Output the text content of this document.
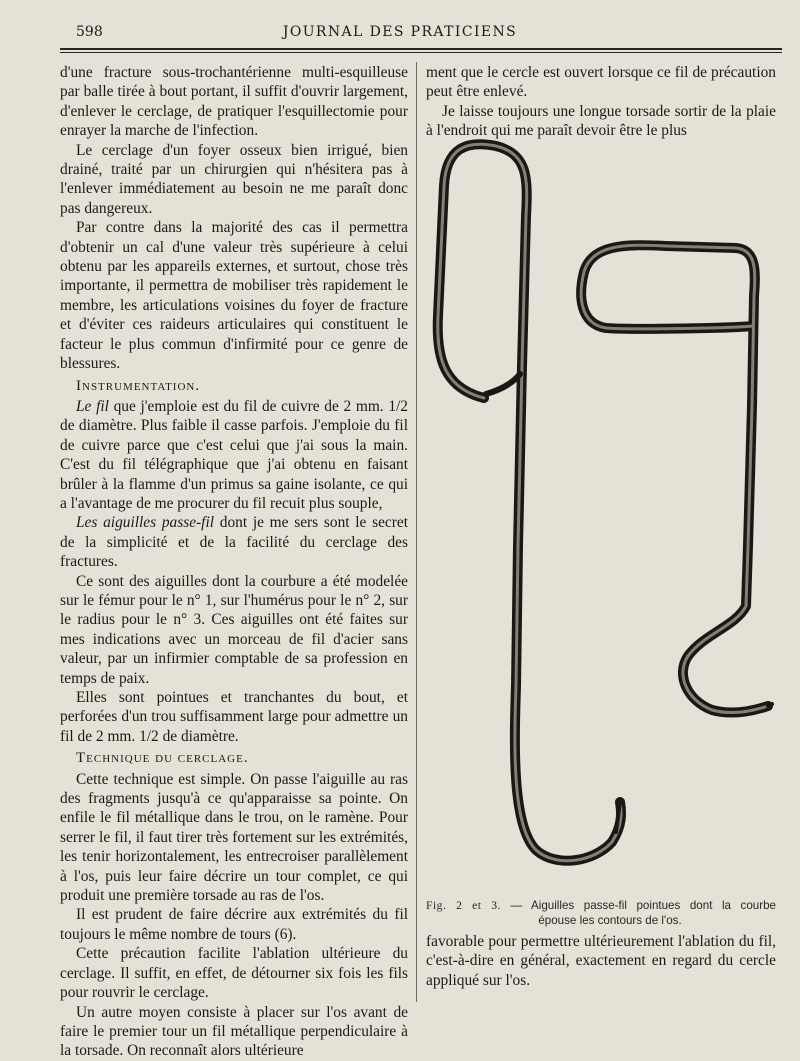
598	JOURNAL DES PRATICIENS

d'une fracture sous-trochantérienne multi-esquilleuse par balle tirée à bout portant, il suffit d'ouvrir largement, d'enlever le cerclage, de pratiquer l'esquillectomie pour enrayer la marche de l'infection.

Le cerclage d'un foyer osseux bien irrigué, bien drainé, traité par un chirurgien qui n'hésitera pas à l'enlever immédiatement au besoin ne me paraît donc pas dangereux.

Par contre dans la majorité des cas il permettra d'obtenir un cal d'une valeur très supérieure à celui obtenu par les appareils externes, et surtout, chose très importante, il permettra de mobiliser très rapidement le membre, les articulations voisines du foyer de fracture et d'éviter ces raideurs articulaires qui constituent le facteur le plus commun d'infirmité pour ce genre de blessures.

Instrumentation.

Le fil que j'emploie est du fil de cuivre de 2 mm. 1/2 de diamètre. Plus faible il casse parfois. J'emploie du fil de cuivre parce que c'est celui que j'ai sous la main. C'est du fil télégraphique que j'ai obtenu en faisant brûler à la flamme d'un primus sa gaine isolante, ce qui a l'avantage de me procurer du fil recuit plus souple,

Les aiguilles passe-fil dont je me sers sont le secret de la simplicité et de la facilité du cerclage des fractures.

Ce sont des aiguilles dont la courbure a été modelée sur le fémur pour le n° 1, sur l'humérus pour le n° 2, sur le radius pour le n° 3. Ces aiguilles ont été faites sur mes indications avec un morceau de fil d'acier sans valeur, par un infirmier comptable de sa profession en temps de paix.

Elles sont pointues et tranchantes du bout, et perforées d'un trou suffisamment large pour admettre un fil de 2 mm. 1/2 de diamètre.

Technique du cerclage.

Cette technique est simple. On passe l'aiguille au ras des fragments jusqu'à ce qu'apparaisse sa pointe. On enfile le fil métallique dans le trou, on le ramène. Pour serrer le fil, il faut tirer très fortement sur les extrémités, les tenir horizontalement, les entrecroiser parallèlement à l'os, puis leur faire décrire un tour complet, ce qui produit une première torsade au ras de l'os.

Il est prudent de faire décrire aux extrémités du fil toujours le même nombre de tours (6).

Cette précaution facilite l'ablation ultérieure du cerclage. Il suffit, en effet, de détourner six fois les fils pour rouvrir le cerclage.

Un autre moyen consiste à placer sur l'os avant de faire le premier tour un fil métallique perpendiculaire à la torsade. On reconnaît alors ultérieure

ment que le cercle est ouvert lorsque ce fil de précaution peut être enlevé.

Je laisse toujours une longue torsade sortir de la plaie à l'endroit qui me paraît devoir être le plus

Fig. 2 et 3. — Aiguilles passe-fil pointues dont la courbe
épouse les contours de l'os.

favorable pour permettre ultérieurement l'ablation du fil, c'est-à-dire en général, exactement en regard du cercle appliqué sur l'os.
